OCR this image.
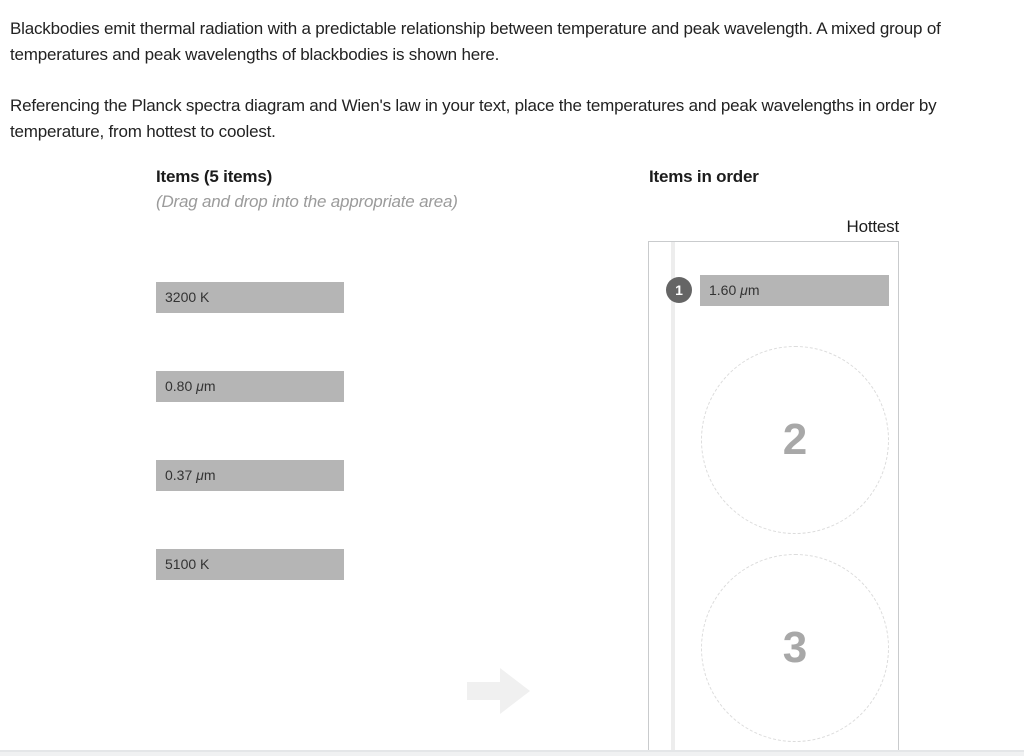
Blackbodies emit thermal radiation with a predictable relationship between temperature and peak wavelength. A mixed group of temperatures and peak wavelengths of blackbodies is shown here.
Referencing the Planck spectra diagram and Wien's law in your text, place the temperatures and peak wavelengths in order by temperature, from hottest to coolest.
Items (5 items)
(Drag and drop into the appropriate area)
3200 K
0.80 μm
0.37 μm
5100 K
Items in order
Hottest
1	1.60 μm
2
3
